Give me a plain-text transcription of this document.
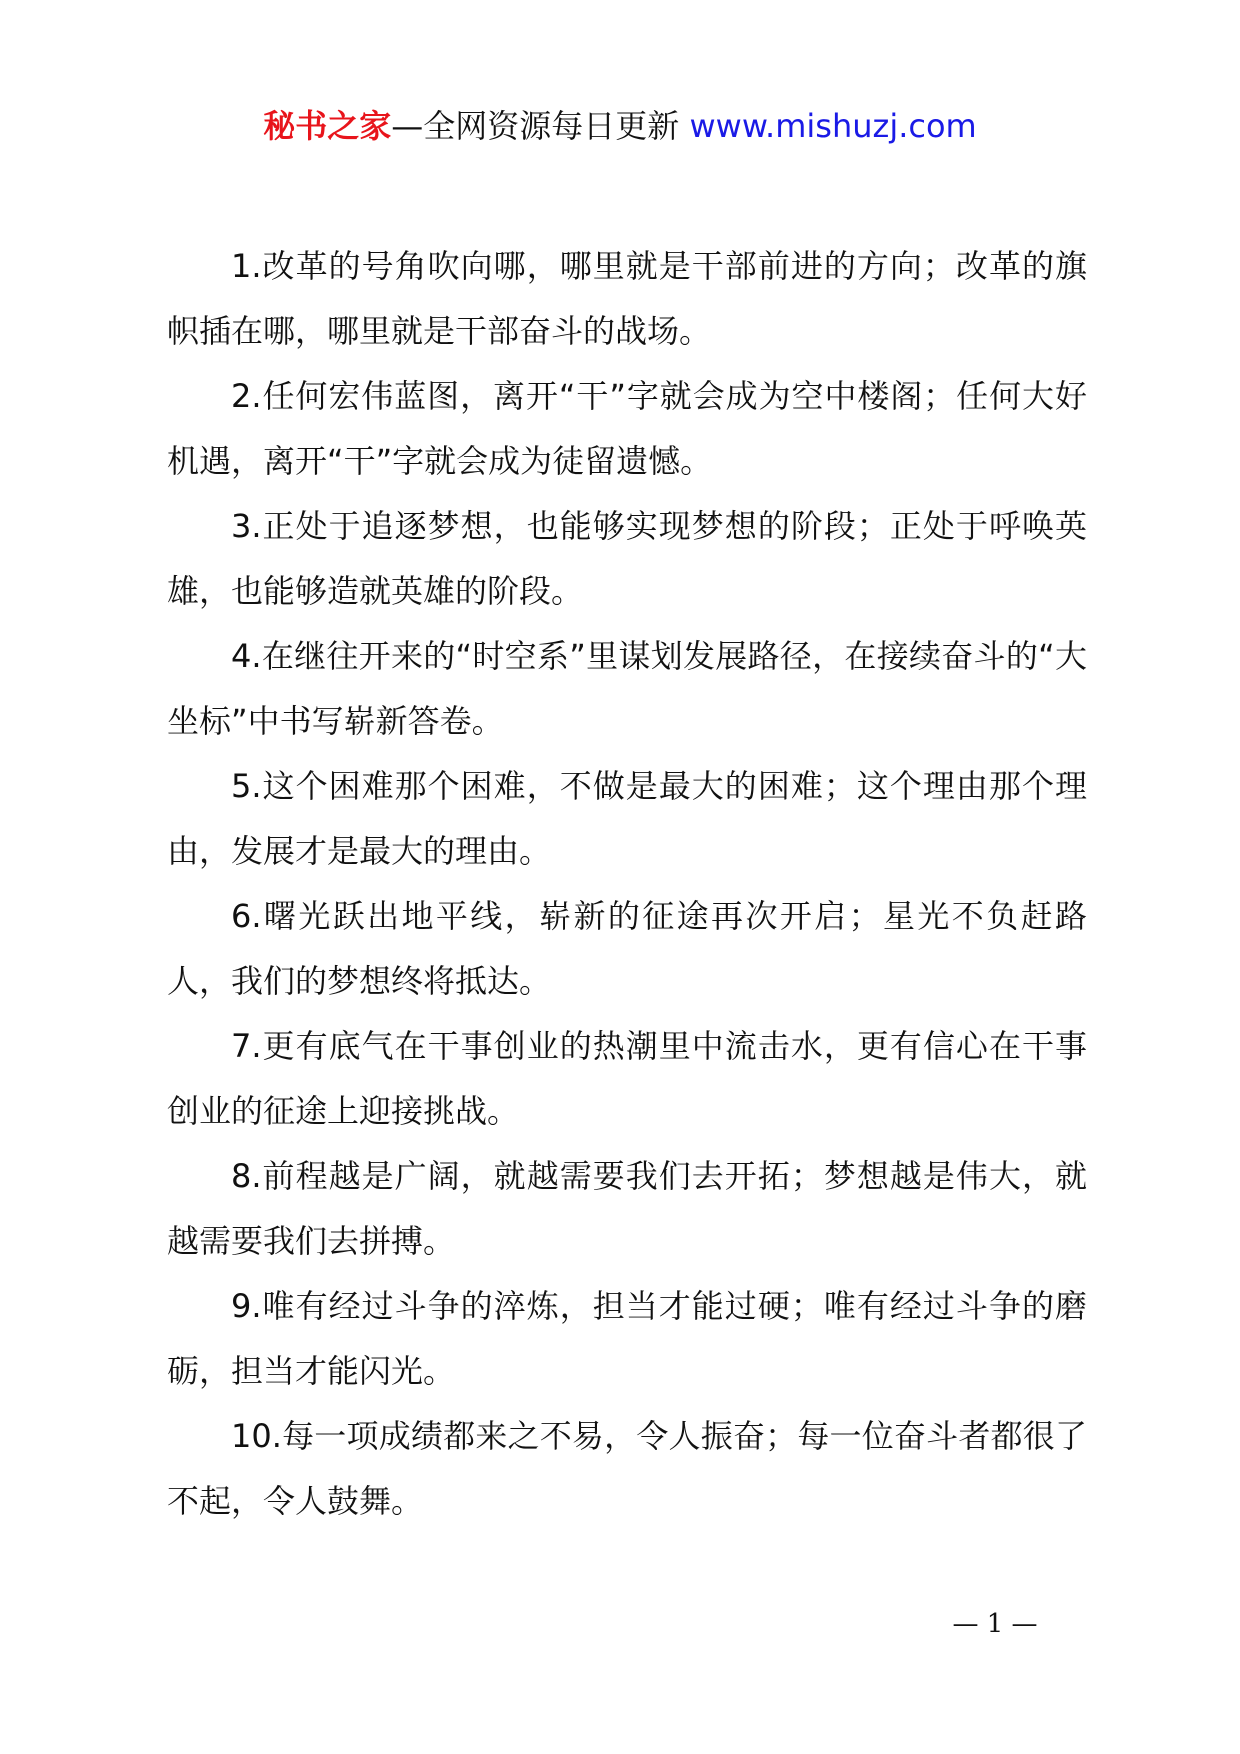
秘书之家—全网资源每日更新 www.mishuzj.com

1.改革的号角吹向哪，哪里就是干部前进的方向；改革的旗帜插在哪，哪里就是干部奋斗的战场。

2.任何宏伟蓝图，离开“干”字就会成为空中楼阁；任何大好机遇，离开“干”字就会成为徒留遗憾。

3.正处于追逐梦想，也能够实现梦想的阶段；正处于呼唤英雄，也能够造就英雄的阶段。

4.在继往开来的“时空系”里谋划发展路径，在接续奋斗的“大坐标”中书写崭新答卷。

5.这个困难那个困难，不做是最大的困难；这个理由那个理由，发展才是最大的理由。

6.曙光跃出地平线，崭新的征途再次开启；星光不负赶路人，我们的梦想终将抵达。

7.更有底气在干事创业的热潮里中流击水，更有信心在干事创业的征途上迎接挑战。

8.前程越是广阔，就越需要我们去开拓；梦想越是伟大，就越需要我们去拼搏。

9.唯有经过斗争的淬炼，担当才能过硬；唯有经过斗争的磨砺，担当才能闪光。

10.每一项成绩都来之不易，令人振奋；每一位奋斗者都很了不起，令人鼓舞。

— 1 —
